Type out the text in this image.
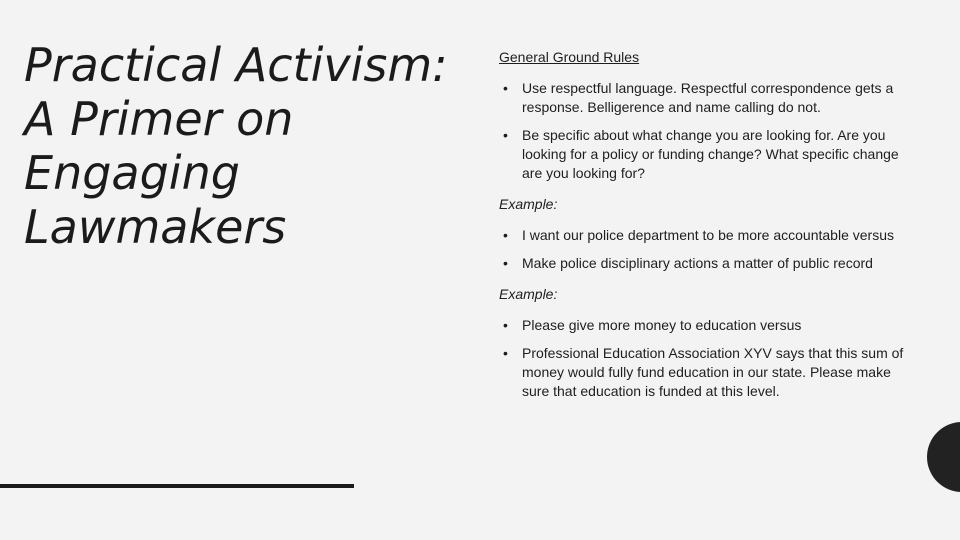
Practical Activism:
A Primer on
Engaging
Lawmakers
General Ground Rules
• Use respectful language. Respectful correspondence gets a response. Belligerence and name calling do not.
• Be specific about what change you are looking for. Are you looking for a policy or funding change? What specific change are you looking for?
Example:
• I want our police department to be more accountable versus
• Make police disciplinary actions a matter of public record
Example:
• Please give more money to education versus
• Professional Education Association XYV says that this sum of money would fully fund education in our state. Please make sure that education is funded at this level.
